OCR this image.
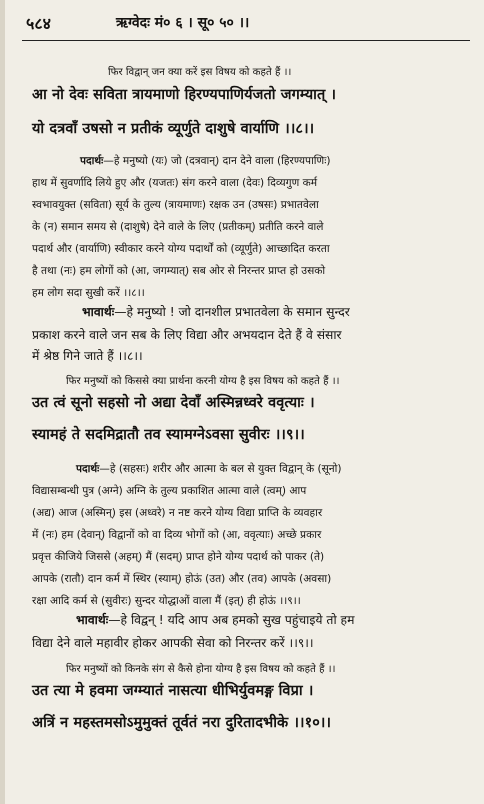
५८४	ऋग्वेदः मं० ६ । सू० ५० ।।
फिर विद्वान् जन क्या करें इस विषय को कहते हैं ।।
आ नो देवः सविता त्रायमाणो हिरण्यपाणिर्यजतो जगम्यात् ।
यो दत्रवाँ उषसो न प्रतीकं व्यूर्णुते दाशुषे वार्याणि ।।८।।
पदार्थः—हे मनुष्यो (यः) जो (दत्रवान्) दान देने वाला (हिरण्यपाणिः)
हाथ में सुवर्णादि लिये हुए और (यजतः) संग करने वाला (देवः) दिव्यगुण कर्म
स्वभावयुक्त (सविता) सूर्य के तुल्य (त्रायमाणः) रक्षक उन (उषसः) प्रभातवेला
के (न) समान समय से (दाशुषे) देने वाले के लिए (प्रतीकम्) प्रतीति करने वाले
पदार्थ और (वार्याणि) स्वीकार करने योग्य पदार्थों को (व्यूर्णुते) आच्छादित करता
है तथा (नः) हम लोगों को (आ, जगम्यात्) सब ओर से निरन्तर प्राप्त हो उसको
हम लोग सदा सुखी करें ।।८।।
भावार्थः—हे मनुष्यो ! जो दानशील प्रभातवेला के समान सुन्दर
प्रकाश करने वाले जन सब के लिए विद्या और अभयदान देते हैं वे संसार
में श्रेष्ठ गिने जाते हैं ।।८।।
फिर मनुष्यों को किससे क्या प्रार्थना करनी योग्य है इस विषय को कहते हैं ।।
उत त्वं सूनो सहसो नो अद्या देवाँ अस्मिन्नध्वरे ववृत्याः ।
स्यामहं ते सदमिद्रातौ तव स्यामग्नेऽवसा सुवीरः ।।९।।
पदार्थः—हे (सहसः) शरीर और आत्मा के बल से युक्त विद्वान् के (सूनो)
विद्यासम्बन्धी पुत्र (अग्ने) अग्नि के तुल्य प्रकाशित आत्मा वाले (त्वम्) आप
(अद्य) आज (अस्मिन्) इस (अध्वरे) न नष्ट करने योग्य विद्या प्राप्ति के व्यवहार
में (नः) हम (देवान्) विद्वानों को वा दिव्य भोगों को (आ, ववृत्याः) अच्छे प्रकार
प्रवृत्त कीजिये जिससे (अहम्) मैं (सदम्) प्राप्त होने योग्य पदार्थ को पाकर (ते)
आपके (रातौ) दान कर्म में स्थिर (स्याम्) होऊं (उत) और (तव) आपके (अवसा)
रक्षा आदि कर्म से (सुवीरः) सुन्दर योद्धाओं वाला मैं (इत्) ही होऊं ।।९।।
भावार्थः—हे विद्वन् ! यदि आप अब हमको सुख पहुंचाइये तो हम
विद्या देने वाले महावीर होकर आपकी सेवा को निरन्तर करें ।।९।।
फिर मनुष्यों को किनके संग से कैसे होना योग्य है इस विषय को कहते हैं ।।
उत त्या मे हवमा जग्म्यातं नासत्या धीभिर्युवमङ्ग विप्रा ।
अत्रिं न महस्तमसोऽमुमुक्तं तूर्वतं नरा दुरितादभीके ।।१०।।
